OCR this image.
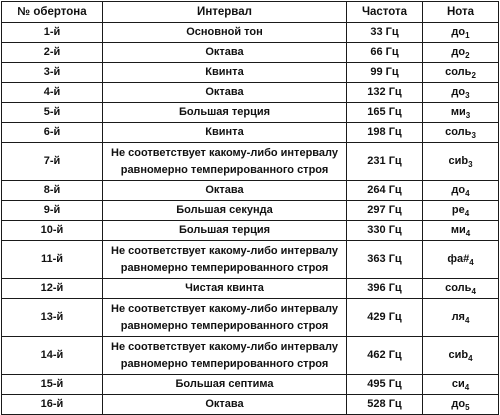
№ обертона	Интервал	Частота	Нота
1-й	Основной тон	33 Гц	$до_1$
2-й	Октава	66 Гц	$до_2$
3-й	Квинта	99 Гц	соль$_2$
4-й	Октава	132 Гц	$до_3$
5-й	Большая терция	165 Гц	$ми_3$
6-й	Квинта	198 Гц	соль$_3$
7-й	Не соответствует какому-либо интервалу
равномерно темперированного строя	231 Гц	сиb$_3$
8-й	Октава	264 Гц	$до_4$
9-й	Большая секунда	297 Гц	$ре_4$
10-й	Большая терция	330 Гц	$ми_4$
11-й	Не соответствует какому-либо интервалу
равномерно темперированного строя	363 Гц	$фа\#_4$
12-й	Чистая квинта	396 Гц	соль$_4$
13-й	Не соответствует какому-либо интервалу
равномерно темперированного строя	429 Гц	$ля_4$
14-й	Не соответствует какому-либо интервалу
равномерно темперированного строя	462 Гц	сиb$_4$
15-й	Большая септима	495 Гц	$си_4$
16-й	Октава	528 Гц	$до_5$
